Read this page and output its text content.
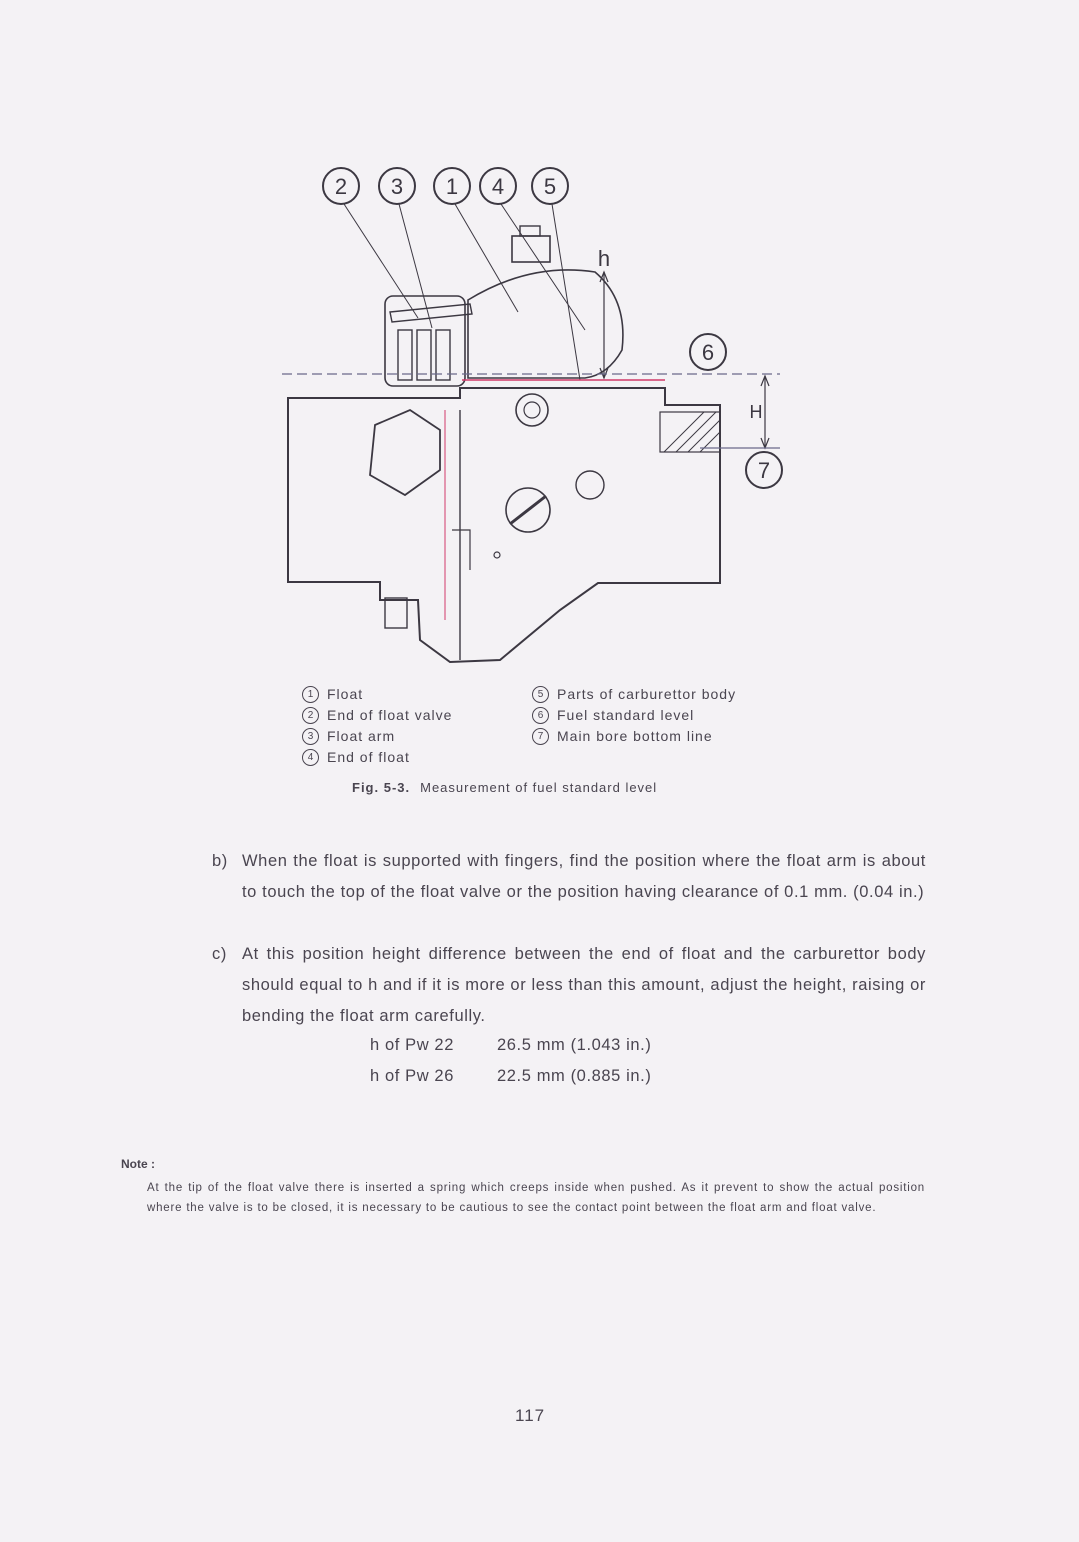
2 3 1 4 5
6
7
h
H
1 Float
2 End of float valve
3 Float arm
4 End of float
5 Parts of carburettor body
6 Fuel standard level
7 Main bore bottom line
Fig. 5-3. Measurement of fuel standard level
b) When the float is supported with fingers, find the position where the float arm is about to touch the top of the float valve or the position having clearance of 0.1 mm. (0.04 in.)
c) At this position height difference between the end of float and the carburettor body should equal to h and if it is more or less than this amount, adjust the height, raising or bending the float arm carefully.
h of Pw 22	26.5 mm (1.043 in.)
h of Pw 26	22.5 mm (0.885 in.)
Note :
At the tip of the float valve there is inserted a spring which creeps inside when pushed. As it prevent to show the actual position where the valve is to be closed, it is necessary to be cautious to see the contact point between the float arm and float valve.
117
